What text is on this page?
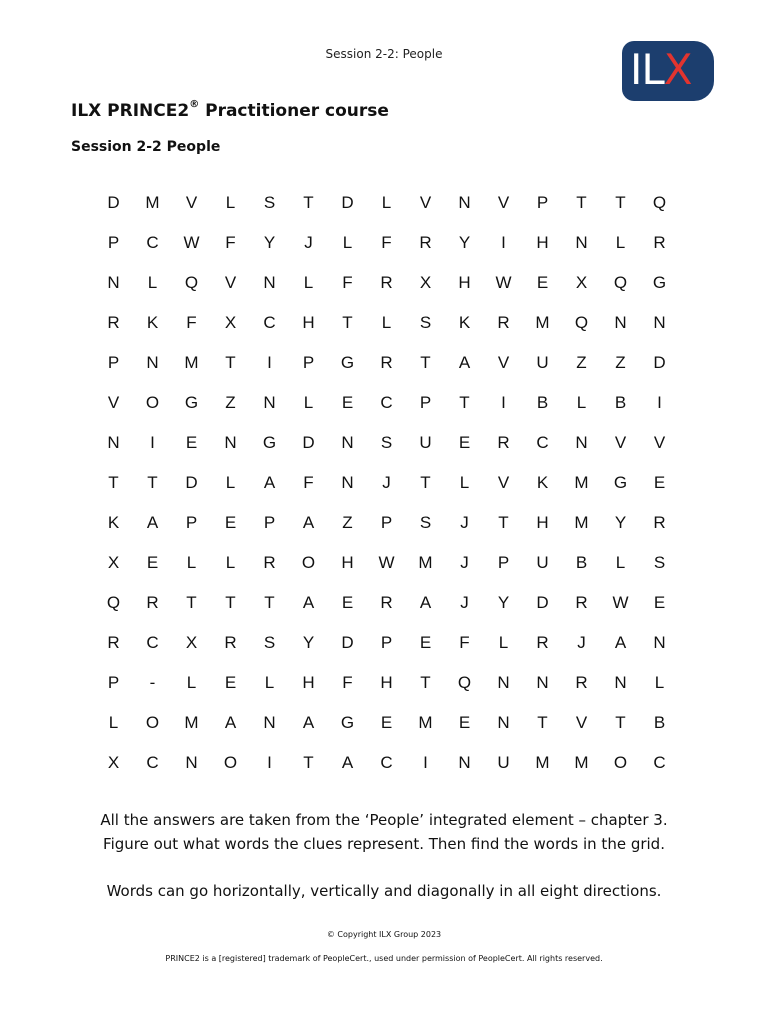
Session 2-2: People	ILX
ILX PRINCE2® Practitioner course
Session 2-2 People
D	M	V	L	S	T	D	L	V	N	V	P	T	T	Q
P	C	W	F	Y	J	L	F	R	Y	I	H	N	L	R
N	L	Q	V	N	L	F	R	X	H	W	E	X	Q	G
R	K	F	X	C	H	T	L	S	K	R	M	Q	N	N
P	N	M	T	I	P	G	R	T	A	V	U	Z	Z	D
V	O	G	Z	N	L	E	C	P	T	I	B	L	B	I
N	I	E	N	G	D	N	S	U	E	R	C	N	V	V
T	T	D	L	A	F	N	J	T	L	V	K	M	G	E
K	A	P	E	P	A	Z	P	S	J	T	H	M	Y	R
X	E	L	L	R	O	H	W	M	J	P	U	B	L	S
Q	R	T	T	T	A	E	R	A	J	Y	D	R	W	E
R	C	X	R	S	Y	D	P	E	F	L	R	J	A	N
P	-	L	E	L	H	F	H	T	Q	N	N	R	N	L
L	O	M	A	N	A	G	E	M	E	N	T	V	T	B
X	C	N	O	I	T	A	C	I	N	U	M	M	O	C
All the answers are taken from the ‘People’ integrated element – chapter 3.
Figure out what words the clues represent. Then find the words in the grid.
Words can go horizontally, vertically and diagonally in all eight directions.
© Copyright ILX Group 2023
PRINCE2 is a [registered] trademark of PeopleCert., used under permission of PeopleCert. All rights reserved.
